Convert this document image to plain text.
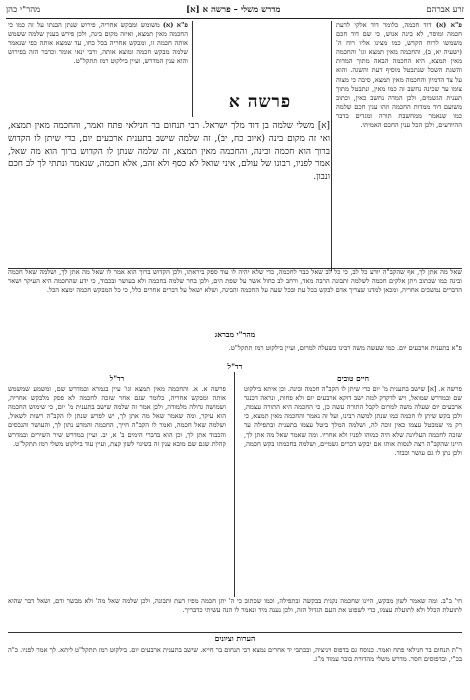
זרע אברהם
מדרש משלי – פרשה א [א]
מהר"י כהן
פ"א (א) דוד חכמה, כלומר דוד אלקי לדעת חכמה ומוסר, לא בינה אנוש, כי שם דוד חכם משמשו לרוח הקדש, כמו מצינו אליו רוח ה' (ישעיה יא, ב), והחכמה מאין תמצא וגו' והחכמה מאין תמצא, היא החכמה הבאה מתוך המדות והשגת השכל שנתבטל מוסיף דעת והשגה. והוא על צד הדמיון והחכמה מאין תמצא, סיבה כי מצוה צומו עד שכינה נחשב זה כמו מאין, ונתבטל מתוך תענית הגשמים, ולכן המדה נחשב כאין, וכתוב משועם דוד ממדות החכמה וזהו ענין חכם שלמה כמו שנאמר ממחשבת תורה ומגדים בדבר ההיודעים, ולכן הכל ענין החכם האמיתי.
פ"א (א) משומש ומבקש אחריה, פירוש שנתן הבנתו על זה כמו כי החכמה מאין תמצא, ואיזה מקום בינה, ולכן פירש בענין שלמה ששמש אותה חכמה זו, ומבקש אחריה בכל כחו, עד שמצא אותה כפי שנאמר שלמה מבקש חכמה ומוצא אותה, ורבי ינאי אומר וכדבר הזה בפירוש והוא ענין המדרש, ועיין בילקוט רמז תתקל"ט.
פרשה א
[א] משלי שלמה בן דוד מלך ישראל. רבי תנחום בר חנילאי פתח ואמר, והחכמה מאין תמצא, ואי זה מקום בינה (איוב כח, יב), זה שלמה שישב בתענית ארבעים יום, כדי שיתן לו הקדוש ברוך הוא חכמה ובינה, והחכמה מאין תמצא, זה שלמה שנתן לו הקדוש ברוך הוא מה שאל, אמר לפניו, רבונו של עולם, איני שואל לא כסף ולא זהב, אלא חכמה, שנאמר ונתתי לך לב חכם ונבון.
שאל מה אתן לך, אף שהקב"ה יודע כל לב, כי כל לב שאל כבר לחכמה, כדי שלא יהיה לו עוד ספק ביראתו, ולכן הקדוש ברוך הוא אמר לו שאל מה אתן לך, ושלמה שאל חכמה ובינה כמו שכתוב ויתן אלקים חכמה לשלמה ותבונה הרבה מאד, ורחב לב כחול אשר על שפת הים, ולכן בחר שלמה בחכמה ולא בעושר ובכבוד, כי ידע שהחכמה היא העיקר ושאר הדברים נמשכים אחריה, ומכאן למדנו שצריך אדם לבקש בכל עת ובכל שעה על החכמה והבינה, ושלא ישאל על דברים אחרים כלל, כי כל המבקש חכמה ימצא הכל.
מהר"י מבראג
פ"א בתענית ארבעים יום. כמו שעשה משה רבינו כשעלה למרום, ועיין בילקוט רמז תתקל"ט.
רד"ל
חיים טובים
פרשה א. [א] שישב בתענית מ' יום כדי שיתן לו הקב"ה חכמה ובינה. וכן איתא בילקוט שם ובמדרש שמואל, ויש לדקדק למה ישב דוקא ארבעים יום ולא פחות, ונראה דכנגד ארבעים יום שעלה משה למרום לקבל התורה עשה כן, כי החכמה היא התורה עצמה, ולכן בקש שיתן לו חכמה כמו שנתן למשה רבינו, ועל זה נאמר והחכמה מאין תמצא, כי רק מי שמבטל עצמו כאין זוכה לה, ושלמה המלך ביטל עצמו בתענית ובתפילה עד שזכה לחכמה העליונה שלא היה כמוהו לפניו ולא אחריו. ומה שאמר שאל מה אתן לך, היינו שהקב"ה רצה לנסות אותו אם יבקש דברים גשמיים, ושלמה בחכמתו בקש חכמה, ולכן נתן לו גם עושר וכבוד.
רד"ל
פרשה א. א. והחכמה מאין תמצא וגו' עיין בגמרא ובמדרש שם, ומשמע שמשמש אותה ומבקש אחריה, כלומר שגם אחר שזכה לחכמה לא פסק מלבקש אחריה, ושמושה גדולה מלמודה, ולכן אמר זה שלמה שישב בתענית מ' יום, כי שימוש החכמה הוא עיקר, ומה שאמר שאל מה אתן לך, יש לפרש שנתן לו הקב"ה רשות לשאול, ושלמה שאל חכמה, ואמר לו הקב"ה חייך, החכמה והמדע נתון לך, והעושר והנכסים והכבוד אתן לך, וכן הוא בדברי הימים ב' א, יב. ועיין במדרש שיר השירים ובמדרש קהלת שגם שם מובא ענין זה בשינוי לשון קצת, ועיין עוד בילקוט משלי רמז תתקל"ט.
חי' ב"ב. ומה שאמר לשון מבקש, היינו שחכמה נקנית בבקשה ובתפילה, וכמו שכתוב כי ה' יתן חכמה מפיו דעת ותבונה, ולכן שלמה שאל מה' ולא מבשר ודם, ושאל דבר שהוא לתועלת הכלל ולא לתועלת עצמו, כדי לשפוט את העם הגדול הזה, ולכן נענה מיד ונאמר לו הנה עשיתי כדבריך.
הערות וציונים
ר"ת תנחום בר חנילאי פתח ואמר. כנוסח גם בדפוס ויניציה, ובכתבי יד אחרים נמצא רבי תנחום בר חייא. שישב בתענית ארבעים יום. בילקוט רמז תתקל"ט ליתא. לך אמר לפניו. כ"ה בכ"י, ובדפוסים חסר. מדרש משלי מהדורת בובר עמוד מ"ג.
